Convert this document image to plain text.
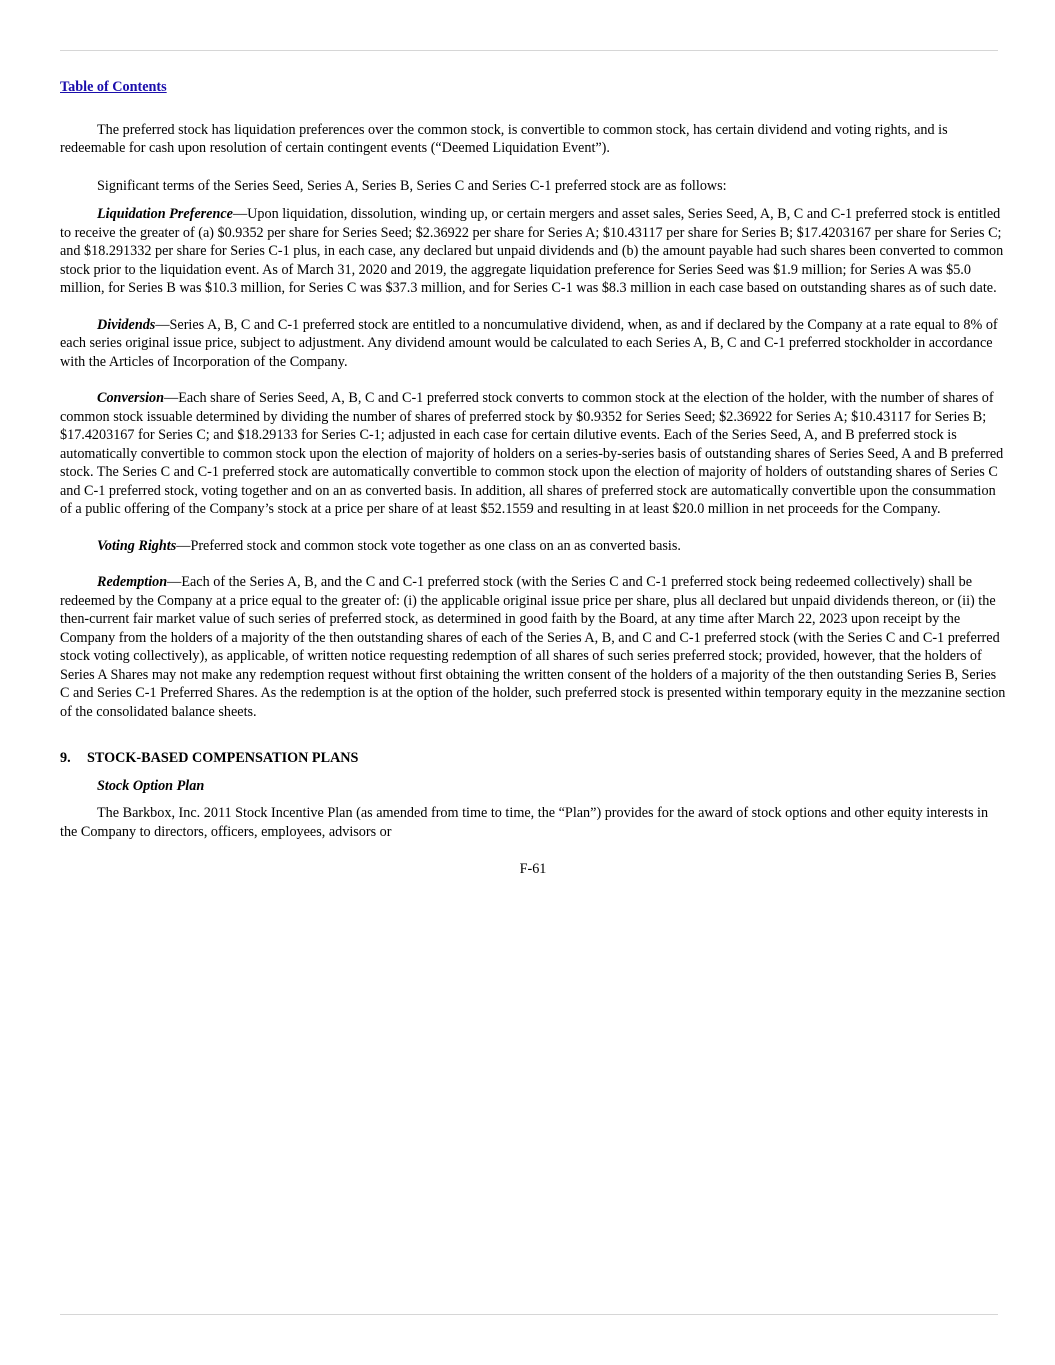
Table of Contents

The preferred stock has liquidation preferences over the common stock, is convertible to common stock, has certain dividend and voting rights, and is redeemable for cash upon resolution of certain contingent events (“Deemed Liquidation Event”).

Significant terms of the Series Seed, Series A, Series B, Series C and Series C-1 preferred stock are as follows:

Liquidation Preference—Upon liquidation, dissolution, winding up, or certain mergers and asset sales, Series Seed, A, B, C and C-1 preferred stock is entitled to receive the greater of (a) $0.9352 per share for Series Seed; $2.36922 per share for Series A; $10.43117 per share for Series B; $17.4203167 per share for Series C; and $18.291332 per share for Series C-1 plus, in each case, any declared but unpaid dividends and (b) the amount payable had such shares been converted to common stock prior to the liquidation event. As of March 31, 2020 and 2019, the aggregate liquidation preference for Series Seed was $1.9 million; for Series A was $5.0 million, for Series B was $10.3 million, for Series C was $37.3 million, and for Series C-1 was $8.3 million in each case based on outstanding shares as of such date.

Dividends—Series A, B, C and C-1 preferred stock are entitled to a noncumulative dividend, when, as and if declared by the Company at a rate equal to 8% of each series original issue price, subject to adjustment. Any dividend amount would be calculated to each Series A, B, C and C-1 preferred stockholder in accordance with the Articles of Incorporation of the Company.

Conversion—Each share of Series Seed, A, B, C and C-1 preferred stock converts to common stock at the election of the holder, with the number of shares of common stock issuable determined by dividing the number of shares of preferred stock by $0.9352 for Series Seed; $2.36922 for Series A; $10.43117 for Series B; $17.4203167 for Series C; and $18.29133 for Series C-1; adjusted in each case for certain dilutive events. Each of the Series Seed, A, and B preferred stock is automatically convertible to common stock upon the election of majority of holders on a series-by-series basis of outstanding shares of Series Seed, A and B preferred stock. The Series C and C-1 preferred stock are automatically convertible to common stock upon the election of majority of holders of outstanding shares of Series C and C-1 preferred stock, voting together and on an as converted basis. In addition, all shares of preferred stock are automatically convertible upon the consummation of a public offering of the Company’s stock at a price per share of at least $52.1559 and resulting in at least $20.0 million in net proceeds for the Company.

Voting Rights—Preferred stock and common stock vote together as one class on an as converted basis.

Redemption—Each of the Series A, B, and the C and C-1 preferred stock (with the Series C and C-1 preferred stock being redeemed collectively) shall be redeemed by the Company at a price equal to the greater of: (i) the applicable original issue price per share, plus all declared but unpaid dividends thereon, or (ii) the then-current fair market value of such series of preferred stock, as determined in good faith by the Board, at any time after March 22, 2023 upon receipt by the Company from the holders of a majority of the then outstanding shares of each of the Series A, B, and C and C-1 preferred stock (with the Series C and C-1 preferred stock voting collectively), as applicable, of written notice requesting redemption of all shares of such series preferred stock; provided, however, that the holders of Series A Shares may not make any redemption request without first obtaining the written consent of the holders of a majority of the then outstanding Series B, Series C and Series C-1 Preferred Shares. As the redemption is at the option of the holder, such preferred stock is presented within temporary equity in the mezzanine section of the consolidated balance sheets.

9. STOCK-BASED COMPENSATION PLANS
Stock Option Plan

The Barkbox, Inc. 2011 Stock Incentive Plan (as amended from time to time, the “Plan”) provides for the award of stock options and other equity interests in the Company to directors, officers, employees, advisors or

F-61
